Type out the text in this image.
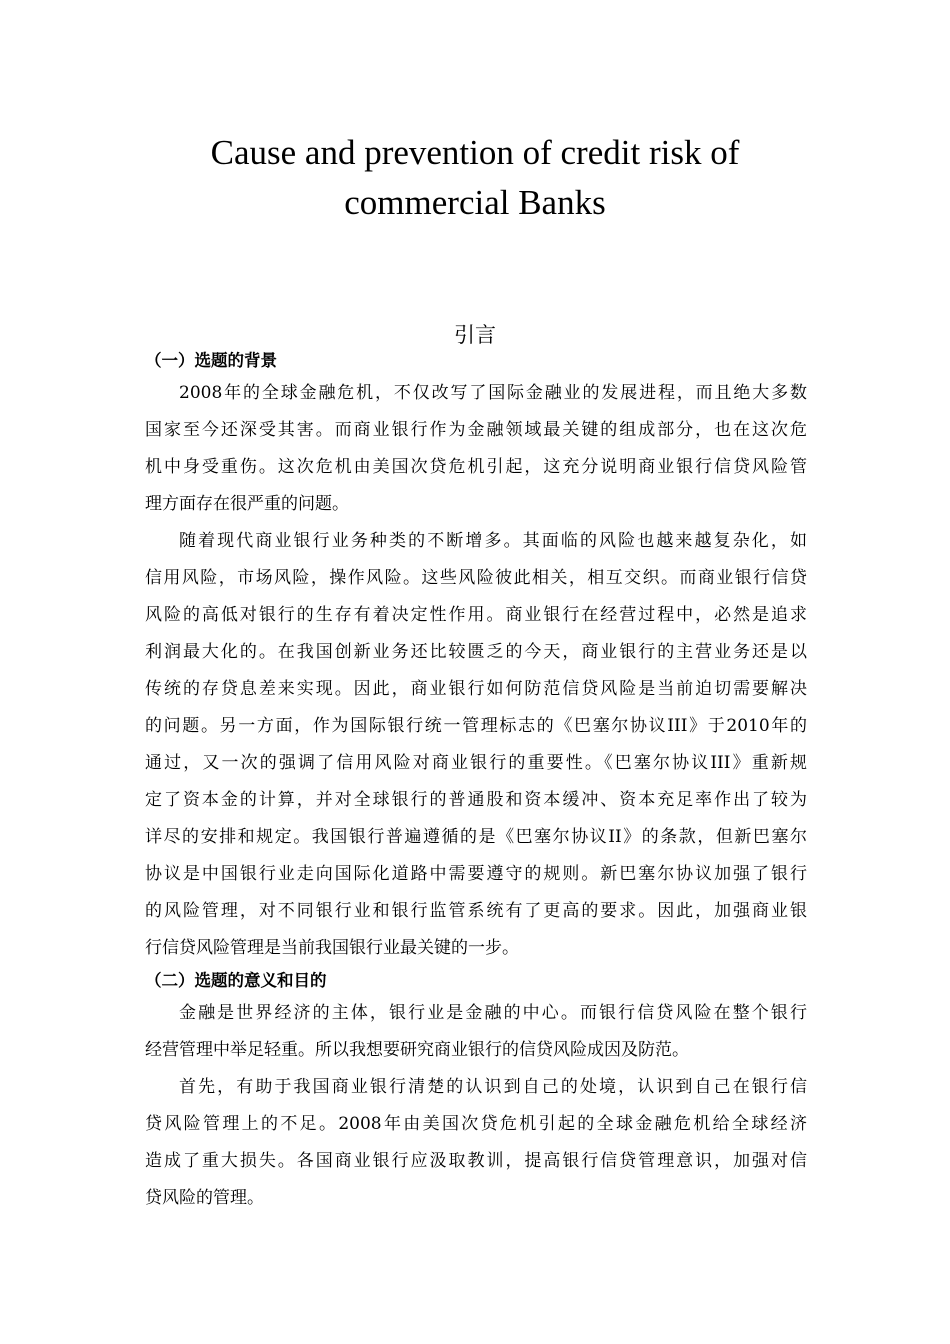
Cause and prevention of credit risk of
commercial Banks
引言
（一）选题的背景

2008年的全球金融危机，不仅改写了国际金融业的发展进程，而且绝大多数
国家至今还深受其害。而商业银行作为金融领域最关键的组成部分，也在这次危
机中身受重伤。这次危机由美国次贷危机引起，这充分说明商业银行信贷风险管
理方面存在很严重的问题。

随着现代商业银行业务种类的不断增多。其面临的风险也越来越复杂化，如
信用风险，市场风险，操作风险。这些风险彼此相关，相互交织。而商业银行信贷
风险的高低对银行的生存有着决定性作用。商业银行在经营过程中，必然是追求
利润最大化的。在我国创新业务还比较匮乏的今天，商业银行的主营业务还是以
传统的存贷息差来实现。因此，商业银行如何防范信贷风险是当前迫切需要解决
的问题。另一方面，作为国际银行统一管理标志的《巴塞尔协议III》于2010年的
通过，又一次的强调了信用风险对商业银行的重要性。《巴塞尔协议III》重新规
定了资本金的计算，并对全球银行的普通股和资本缓冲、资本充足率作出了较为
详尽的安排和规定。我国银行普遍遵循的是《巴塞尔协议II》的条款，但新巴塞尔
协议是中国银行业走向国际化道路中需要遵守的规则。新巴塞尔协议加强了银行
的风险管理，对不同银行业和银行监管系统有了更高的要求。因此，加强商业银
行信贷风险管理是当前我国银行业最关键的一步。

（二）选题的意义和目的

金融是世界经济的主体，银行业是金融的中心。而银行信贷风险在整个银行
经营管理中举足轻重。所以我想要研究商业银行的信贷风险成因及防范。

首先，有助于我国商业银行清楚的认识到自己的处境，认识到自己在银行信
贷风险管理上的不足。2008年由美国次贷危机引起的全球金融危机给全球经济
造成了重大损失。各国商业银行应汲取教训，提高银行信贷管理意识，加强对信
贷风险的管理。
